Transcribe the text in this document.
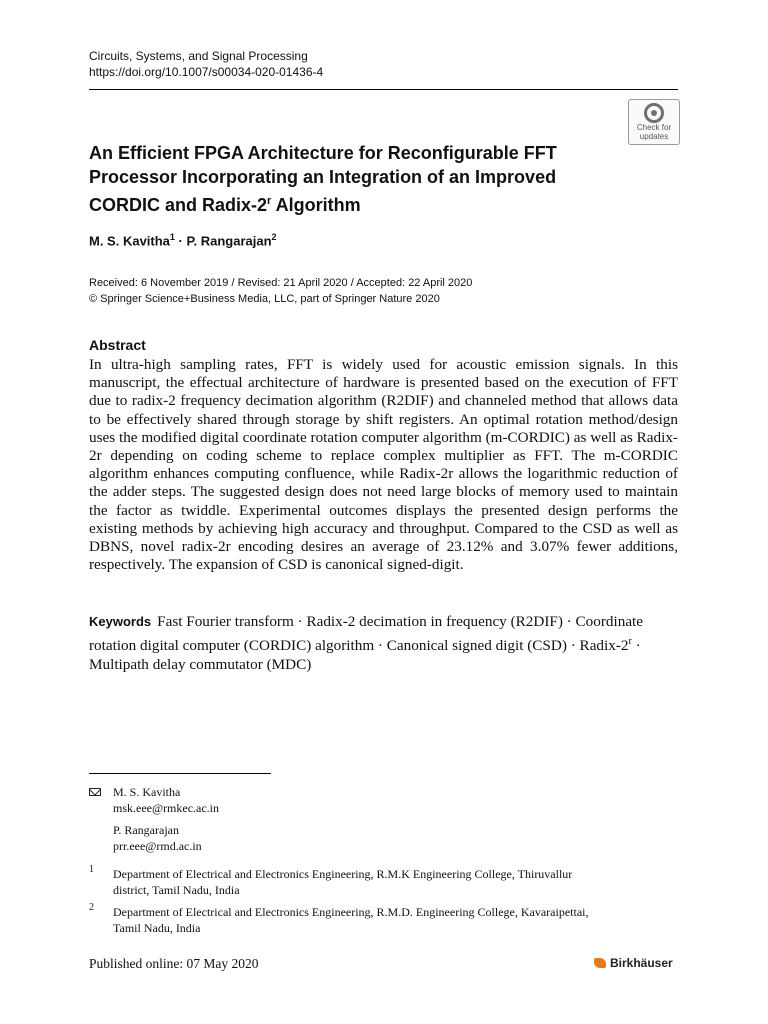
Circuits, Systems, and Signal Processing
https://doi.org/10.1007/s00034-020-01436-4
Check for
updates
An Efficient FPGA Architecture for Reconfigurable FFT
Processor Incorporating an Integration of an Improved
CORDIC and Radix-2$^r$ Algorithm
M. S. Kavitha$^1$ · P. Rangarajan$^2$
Received: 6 November 2019 / Revised: 21 April 2020 / Accepted: 22 April 2020
© Springer Science+Business Media, LLC, part of Springer Nature 2020
Abstract

In ultra-high sampling rates, FFT is widely used for acoustic emission signals. In this manuscript, the effectual architecture of hardware is presented based on the execution of FFT due to radix-2 frequency decimation algorithm (R2DIF) and channeled method that allows data to be effectively shared through storage by shift registers. An optimal rotation method/design uses the modified digital coordinate rotation computer algorithm (m-CORDIC) as well as Radix- 2r depending on coding scheme to replace complex multiplier as FFT. The m-CORDIC algorithm enhances computing confluence, while Radix-2r allows the logarithmic reduction of the adder steps. The suggested design does not need large blocks of memory used to maintain the factor as twiddle. Experimental outcomes displays the presented design performs the existing methods by achieving high accuracy and throughput. Compared to the CSD as well as DBNS, novel radix-2r encoding desires an average of 23.12% and 3.07% fewer additions, respectively. The expansion of CSD is canonical signed-digit.

Keywords Fast Fourier transform · Radix-2 decimation in frequency (R2DIF) · Coordinate rotation digital computer (CORDIC) algorithm · Canonical signed digit (CSD) · Radix-$2^r$ · Multipath delay commutator (MDC)

M. S. Kavitha
msk.eee@rmkec.ac.in
P. Rangarajan
prr.eee@rmd.ac.in
1 Department of Electrical and Electronics Engineering, R.M.K Engineering College, Thiruvallur
district, Tamil Nadu, India
2 Department of Electrical and Electronics Engineering, R.M.D. Engineering College, Kavaraipettai,
Tamil Nadu, India
Published online: 07 May 2020	Birkhäuser
